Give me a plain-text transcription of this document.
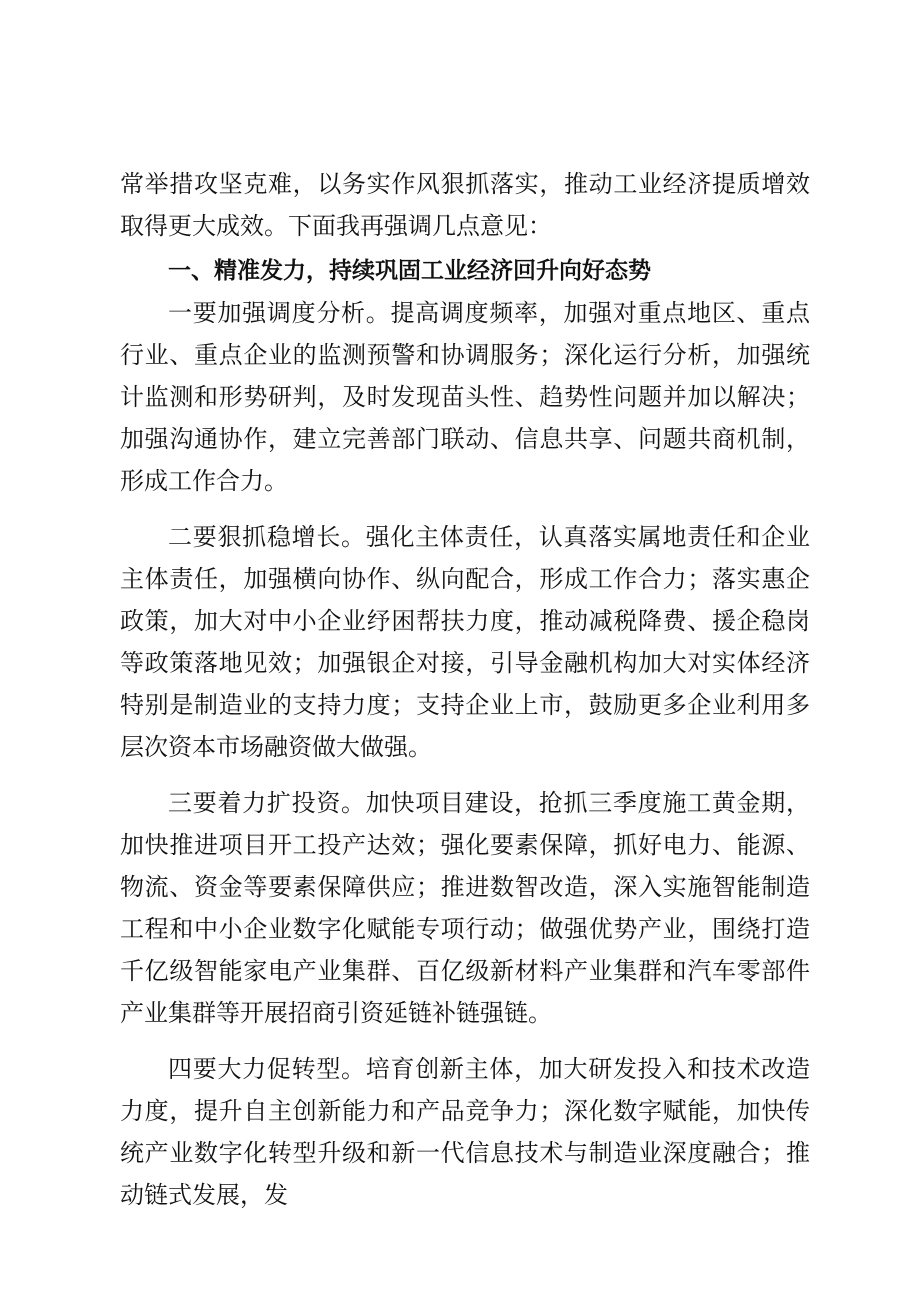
常举措攻坚克难，以务实作风狠抓落实，推动工业经济提质增效取得更大成效。下面我再强调几点意见：

一、精准发力，持续巩固工业经济回升向好态势

一要加强调度分析。提高调度频率，加强对重点地区、重点行业、重点企业的监测预警和协调服务；深化运行分析，加强统计监测和形势研判，及时发现苗头性、趋势性问题并加以解决；加强沟通协作，建立完善部门联动、信息共享、问题共商机制，形成工作合力。

二要狠抓稳增长。强化主体责任，认真落实属地责任和企业主体责任，加强横向协作、纵向配合，形成工作合力；落实惠企政策，加大对中小企业纾困帮扶力度，推动减税降费、援企稳岗等政策落地见效；加强银企对接，引导金融机构加大对实体经济特别是制造业的支持力度；支持企业上市，鼓励更多企业利用多层次资本市场融资做大做强。

三要着力扩投资。加快项目建设，抢抓三季度施工黄金期，加快推进项目开工投产达效；强化要素保障，抓好电力、能源、物流、资金等要素保障供应；推进数智改造，深入实施智能制造工程和中小企业数字化赋能专项行动；做强优势产业，围绕打造千亿级智能家电产业集群、百亿级新材料产业集群和汽车零部件产业集群等开展招商引资延链补链强链。

四要大力促转型。培育创新主体，加大研发投入和技术改造力度，提升自主创新能力和产品竞争力；深化数字赋能，加快传统产业数字化转型升级和新一代信息技术与制造业深度融合；推动链式发展，发
